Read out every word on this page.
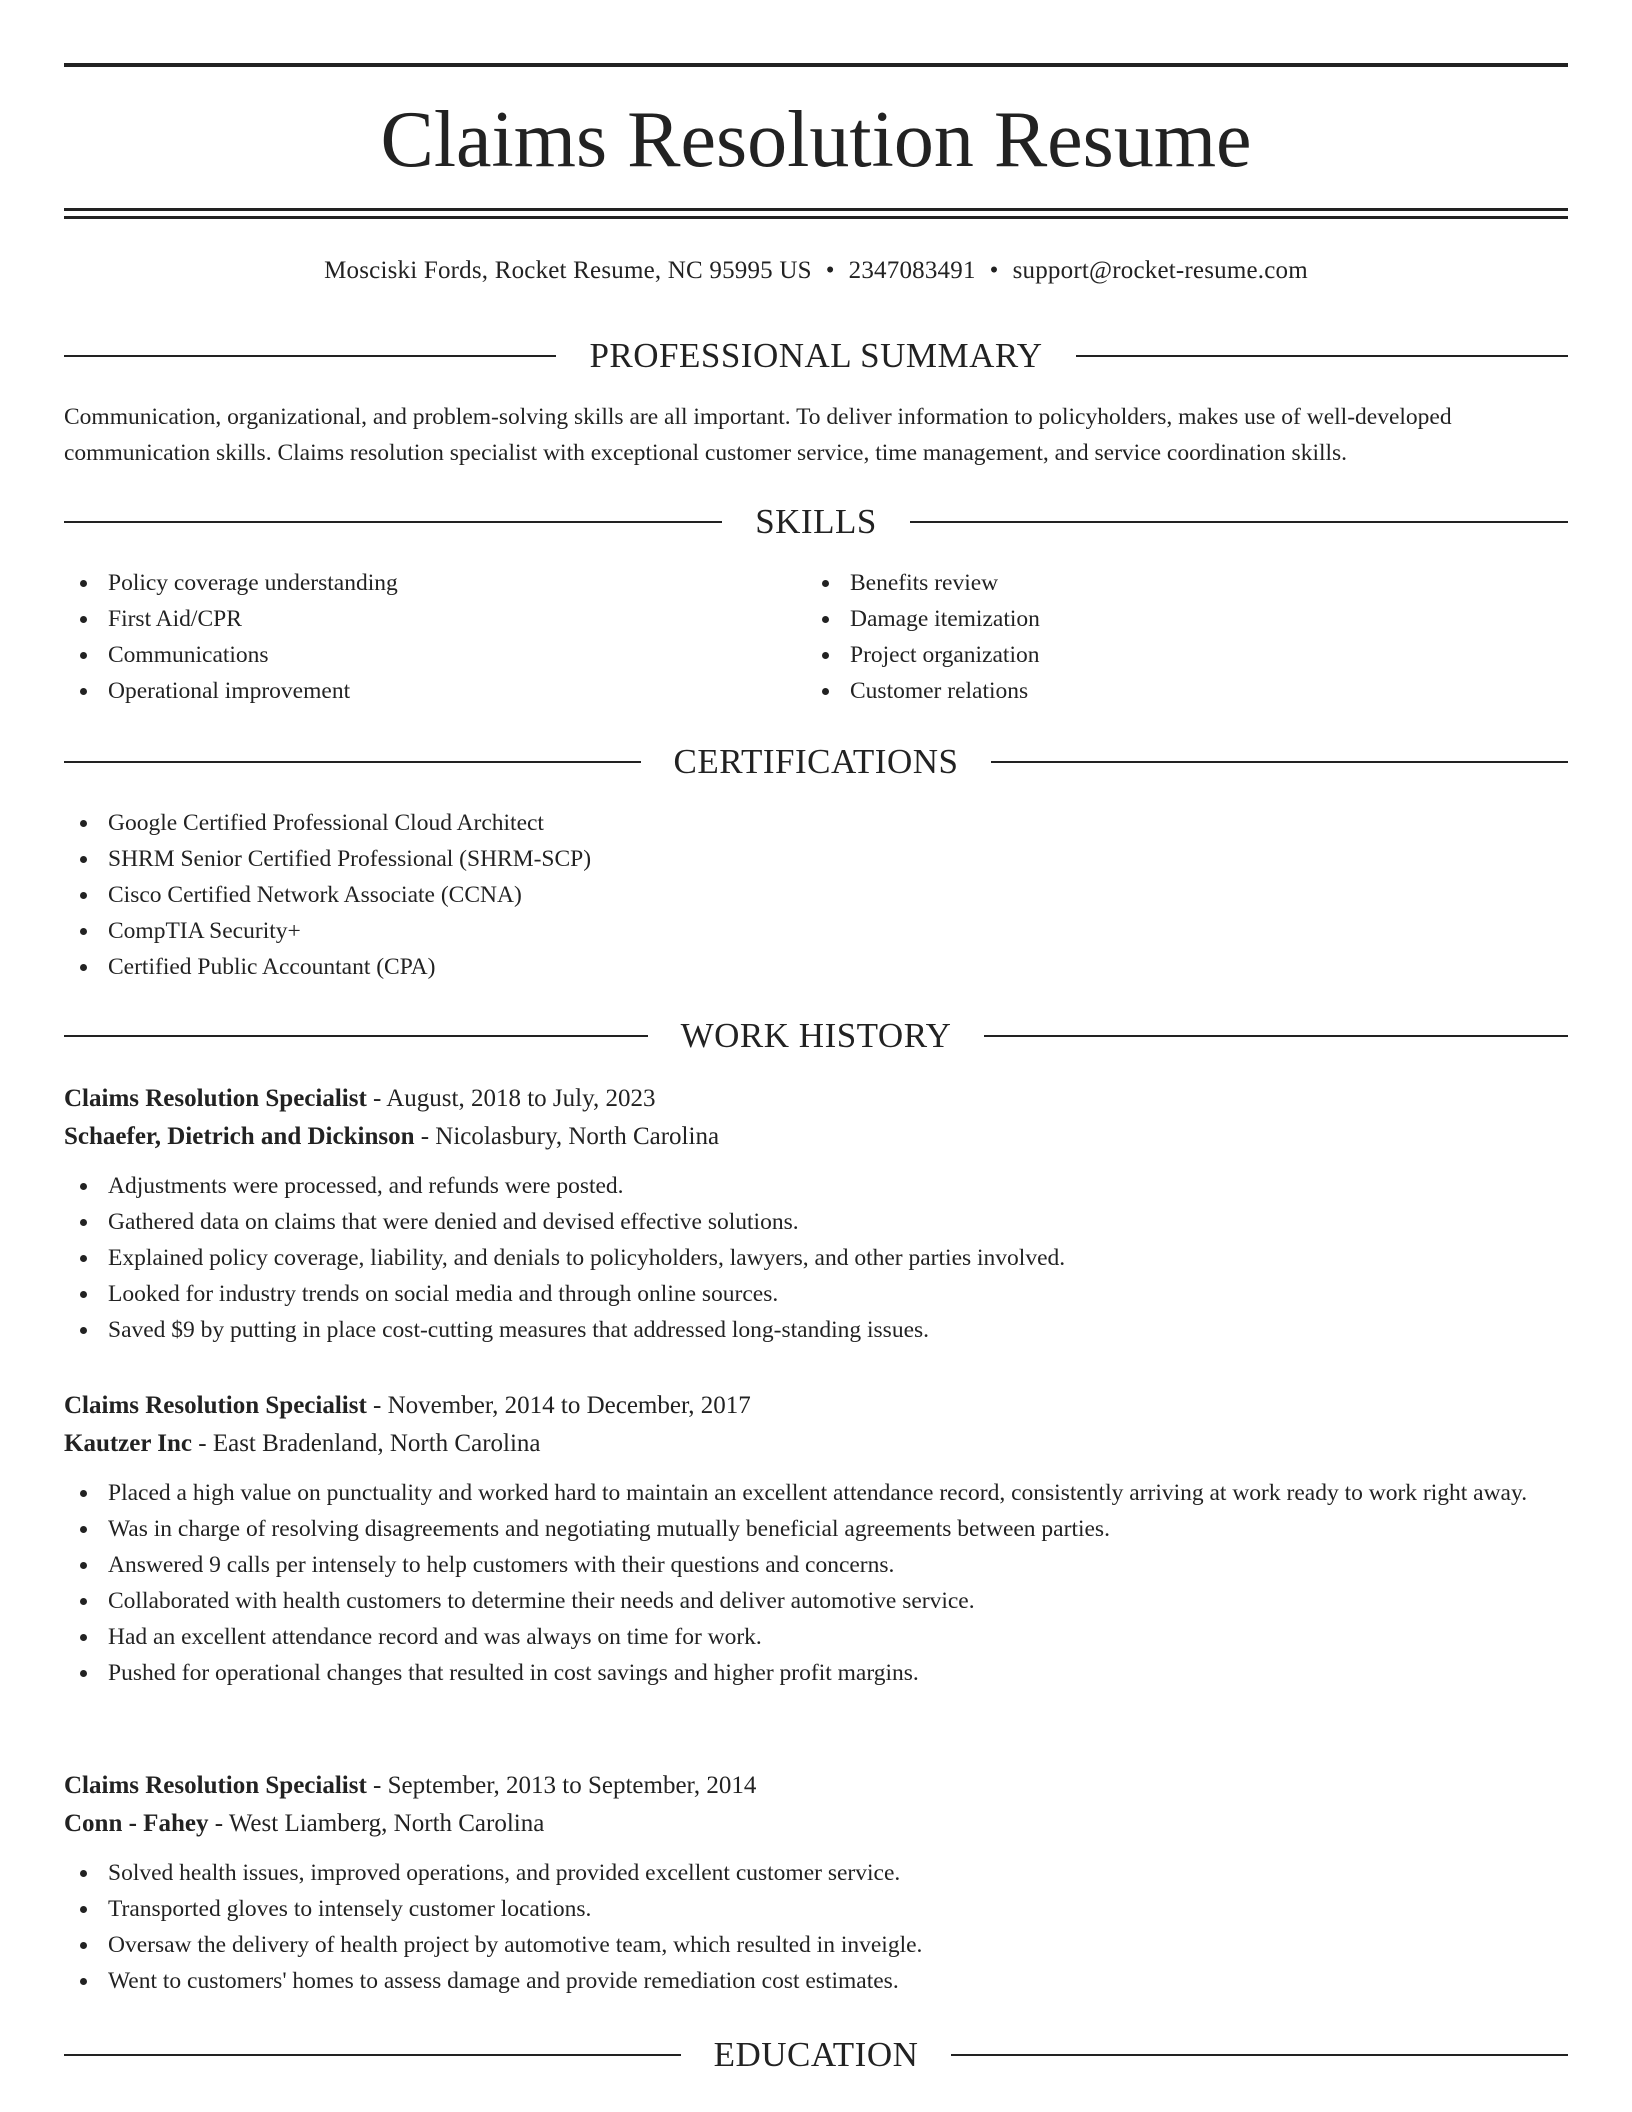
Claims Resolution Resume
Mosciski Fords, Rocket Resume, NC 95995 US • 2347083491 • support@rocket-resume.com
PROFESSIONAL SUMMARY

Communication, organizational, and problem-solving skills are all important. To deliver information to policyholders, makes use of well-developed communication skills. Claims resolution specialist with exceptional customer service, time management, and service coordination skills.

SKILLS
Policy coverage understanding
First Aid/CPR
Communications
Operational improvement
Benefits review
Damage itemization
Project organization
Customer relations
CERTIFICATIONS
Google Certified Professional Cloud Architect
SHRM Senior Certified Professional (SHRM-SCP)
Cisco Certified Network Associate (CCNA)
CompTIA Security+
Certified Public Accountant (CPA)
WORK HISTORY
Claims Resolution Specialist - August, 2018 to July, 2023
Schaefer, Dietrich and Dickinson - Nicolasbury, North Carolina
Adjustments were processed, and refunds were posted.
Gathered data on claims that were denied and devised effective solutions.
Explained policy coverage, liability, and denials to policyholders, lawyers, and other parties involved.
Looked for industry trends on social media and through online sources.
Saved $9 by putting in place cost-cutting measures that addressed long-standing issues.
Claims Resolution Specialist - November, 2014 to December, 2017
Kautzer Inc - East Bradenland, North Carolina
Placed a high value on punctuality and worked hard to maintain an excellent attendance record, consistently arriving at work ready to work right away.
Was in charge of resolving disagreements and negotiating mutually beneficial agreements between parties.
Answered 9 calls per intensely to help customers with their questions and concerns.
Collaborated with health customers to determine their needs and deliver automotive service.
Had an excellent attendance record and was always on time for work.
Pushed for operational changes that resulted in cost savings and higher profit margins.
Claims Resolution Specialist - September, 2013 to September, 2014
Conn - Fahey - West Liamberg, North Carolina
Solved health issues, improved operations, and provided excellent customer service.
Transported gloves to intensely customer locations.
Oversaw the delivery of health project by automotive team, which resulted in inveigle.
Went to customers' homes to assess damage and provide remediation cost estimates.
EDUCATION
